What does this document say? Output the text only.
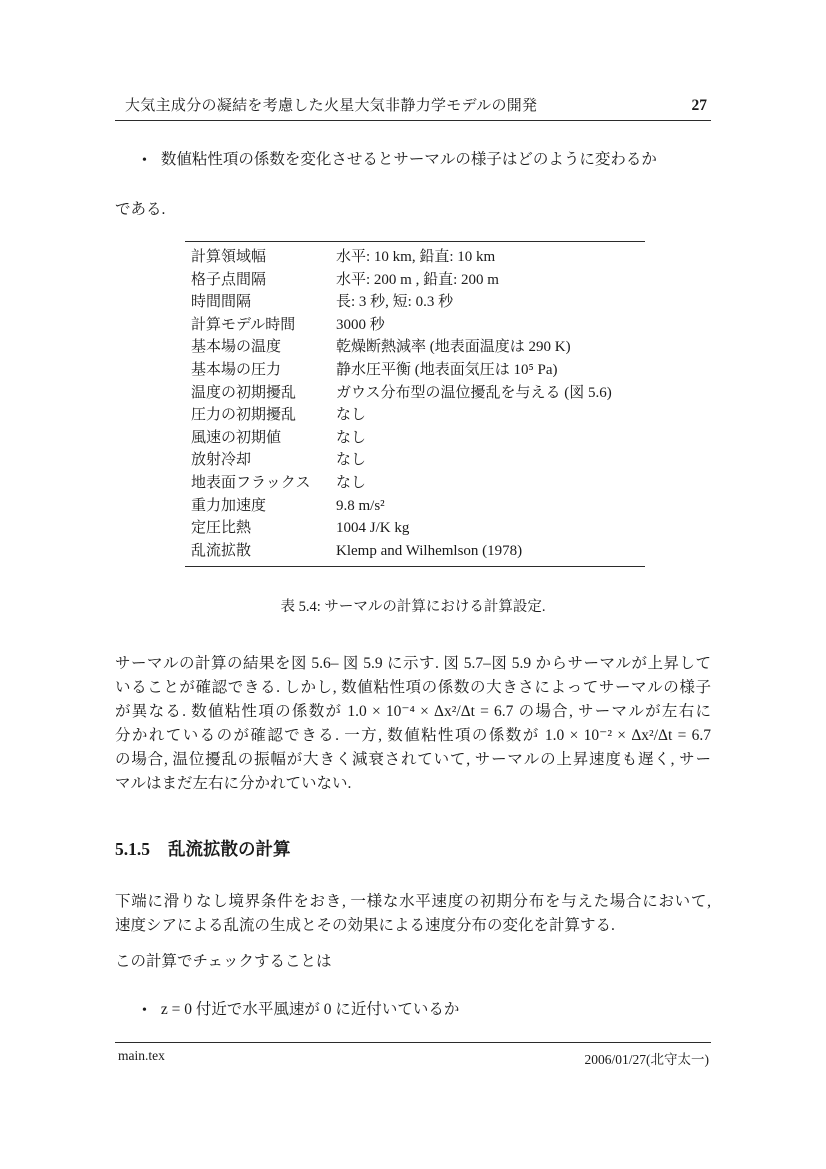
大気主成分の凝結を考慮した火星大気非静力学モデルの開発	27
• 数値粘性項の係数を変化させるとサーマルの様子はどのように変わるか
である.
計算領域幅	水平: 10 km, 鉛直: 10 km
格子点間隔	水平: 200 m , 鉛直: 200 m
時間間隔	長: 3 秒, 短: 0.3 秒
計算モデル時間	3000 秒
基本場の温度	乾燥断熱減率 (地表面温度は 290 K)
基本場の圧力	静水圧平衡 (地表面気圧は 10⁵ Pa)
温度の初期擾乱	ガウス分布型の温位擾乱を与える (図 5.6)
圧力の初期擾乱	なし
風速の初期値	なし
放射冷却	なし
地表面フラックス	なし
重力加速度	9.8 m/s²
定圧比熱	1004 J/K kg
乱流拡散	Klemp and Wilhemlson (1978)
表 5.4: サーマルの計算における計算設定.
サーマルの計算の結果を図 5.6– 図 5.9 に示す. 図 5.7–図 5.9 からサーマルが上昇して
いることが確認できる. しかし, 数値粘性項の係数の大きさによってサーマルの様子
が異なる. 数値粘性項の係数が 1.0 × 10⁻⁴ × Δx²/Δt = 6.7 の場合, サーマルが左右に
分かれているのが確認できる. 一方, 数値粘性項の係数が 1.0 × 10⁻² × Δx²/Δt = 6.7
の場合, 温位擾乱の振幅が大きく減衰されていて, サーマルの上昇速度も遅く, サー
マルはまだ左右に分かれていない.
5.1.5 乱流拡散の計算
下端に滑りなし境界条件をおき, 一様な水平速度の初期分布を与えた場合において,
速度シアによる乱流の生成とその効果による速度分布の変化を計算する.
この計算でチェックすることは
• z = 0 付近で水平風速が 0 に近付いているか
main.tex	2006/01/27(北守太一)
